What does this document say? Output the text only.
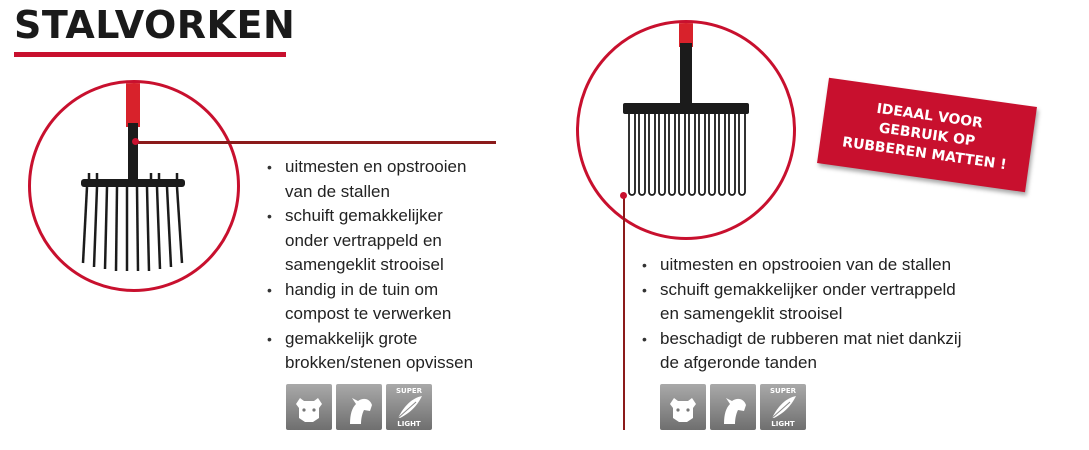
STALVORKEN
• uitmesten en opstrooien
van de stallen
• schuift gemakkelijker
onder vertrappeld en
samengeklit strooisel
• handig in de tuin om
compost te verwerken
• gemakkelijk grote
brokken/stenen opvissen
SUPER
LIGHT
IDEAAL VOOR
GEBRUIK OP
RUBBEREN MATTEN !
• uitmesten en opstrooien van de stallen
• schuift gemakkelijker onder vertrappeld
en samengeklit strooisel
• beschadigt de rubberen mat niet dankzij
de afgeronde tanden
SUPER
LIGHT
